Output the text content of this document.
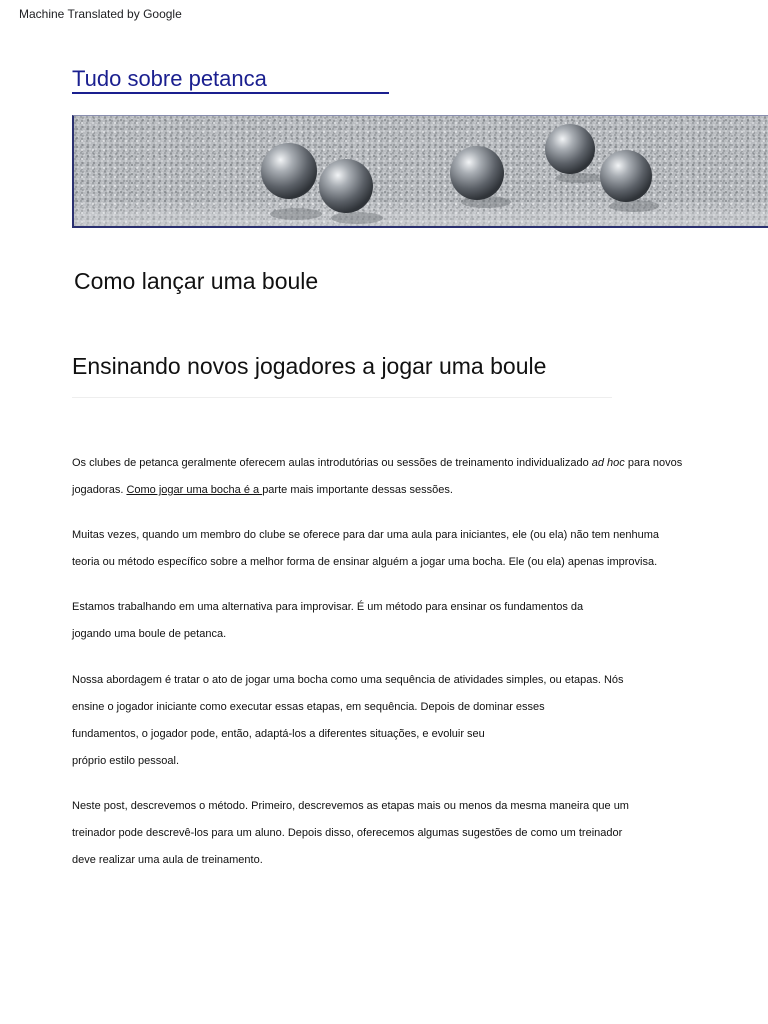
Machine Translated by Google
Tudo sobre petanca
Como lançar uma boule
Ensinando novos jogadores a jogar uma boule
Os clubes de petanca geralmente oferecem aulas introdutórias ou sessões de treinamento individualizado ad hoc para novos
jogadoras. Como jogar uma bocha é a parte mais importante dessas sessões.
Muitas vezes, quando um membro do clube se oferece para dar uma aula para iniciantes, ele (ou ela) não tem nenhuma
teoria ou método específico sobre a melhor forma de ensinar alguém a jogar uma bocha. Ele (ou ela) apenas improvisa.
Estamos trabalhando em uma alternativa para improvisar. É um método para ensinar os fundamentos da
jogando uma boule de petanca.
Nossa abordagem é tratar o ato de jogar uma bocha como uma sequência de atividades simples, ou etapas. Nós
ensine o jogador iniciante como executar essas etapas, em sequência. Depois de dominar esses
fundamentos, o jogador pode, então, adaptá-los a diferentes situações, e evoluir seu
próprio estilo pessoal.
Neste post, descrevemos o método. Primeiro, descrevemos as etapas mais ou menos da mesma maneira que um
treinador pode descrevê-los para um aluno. Depois disso, oferecemos algumas sugestões de como um treinador
deve realizar uma aula de treinamento.
